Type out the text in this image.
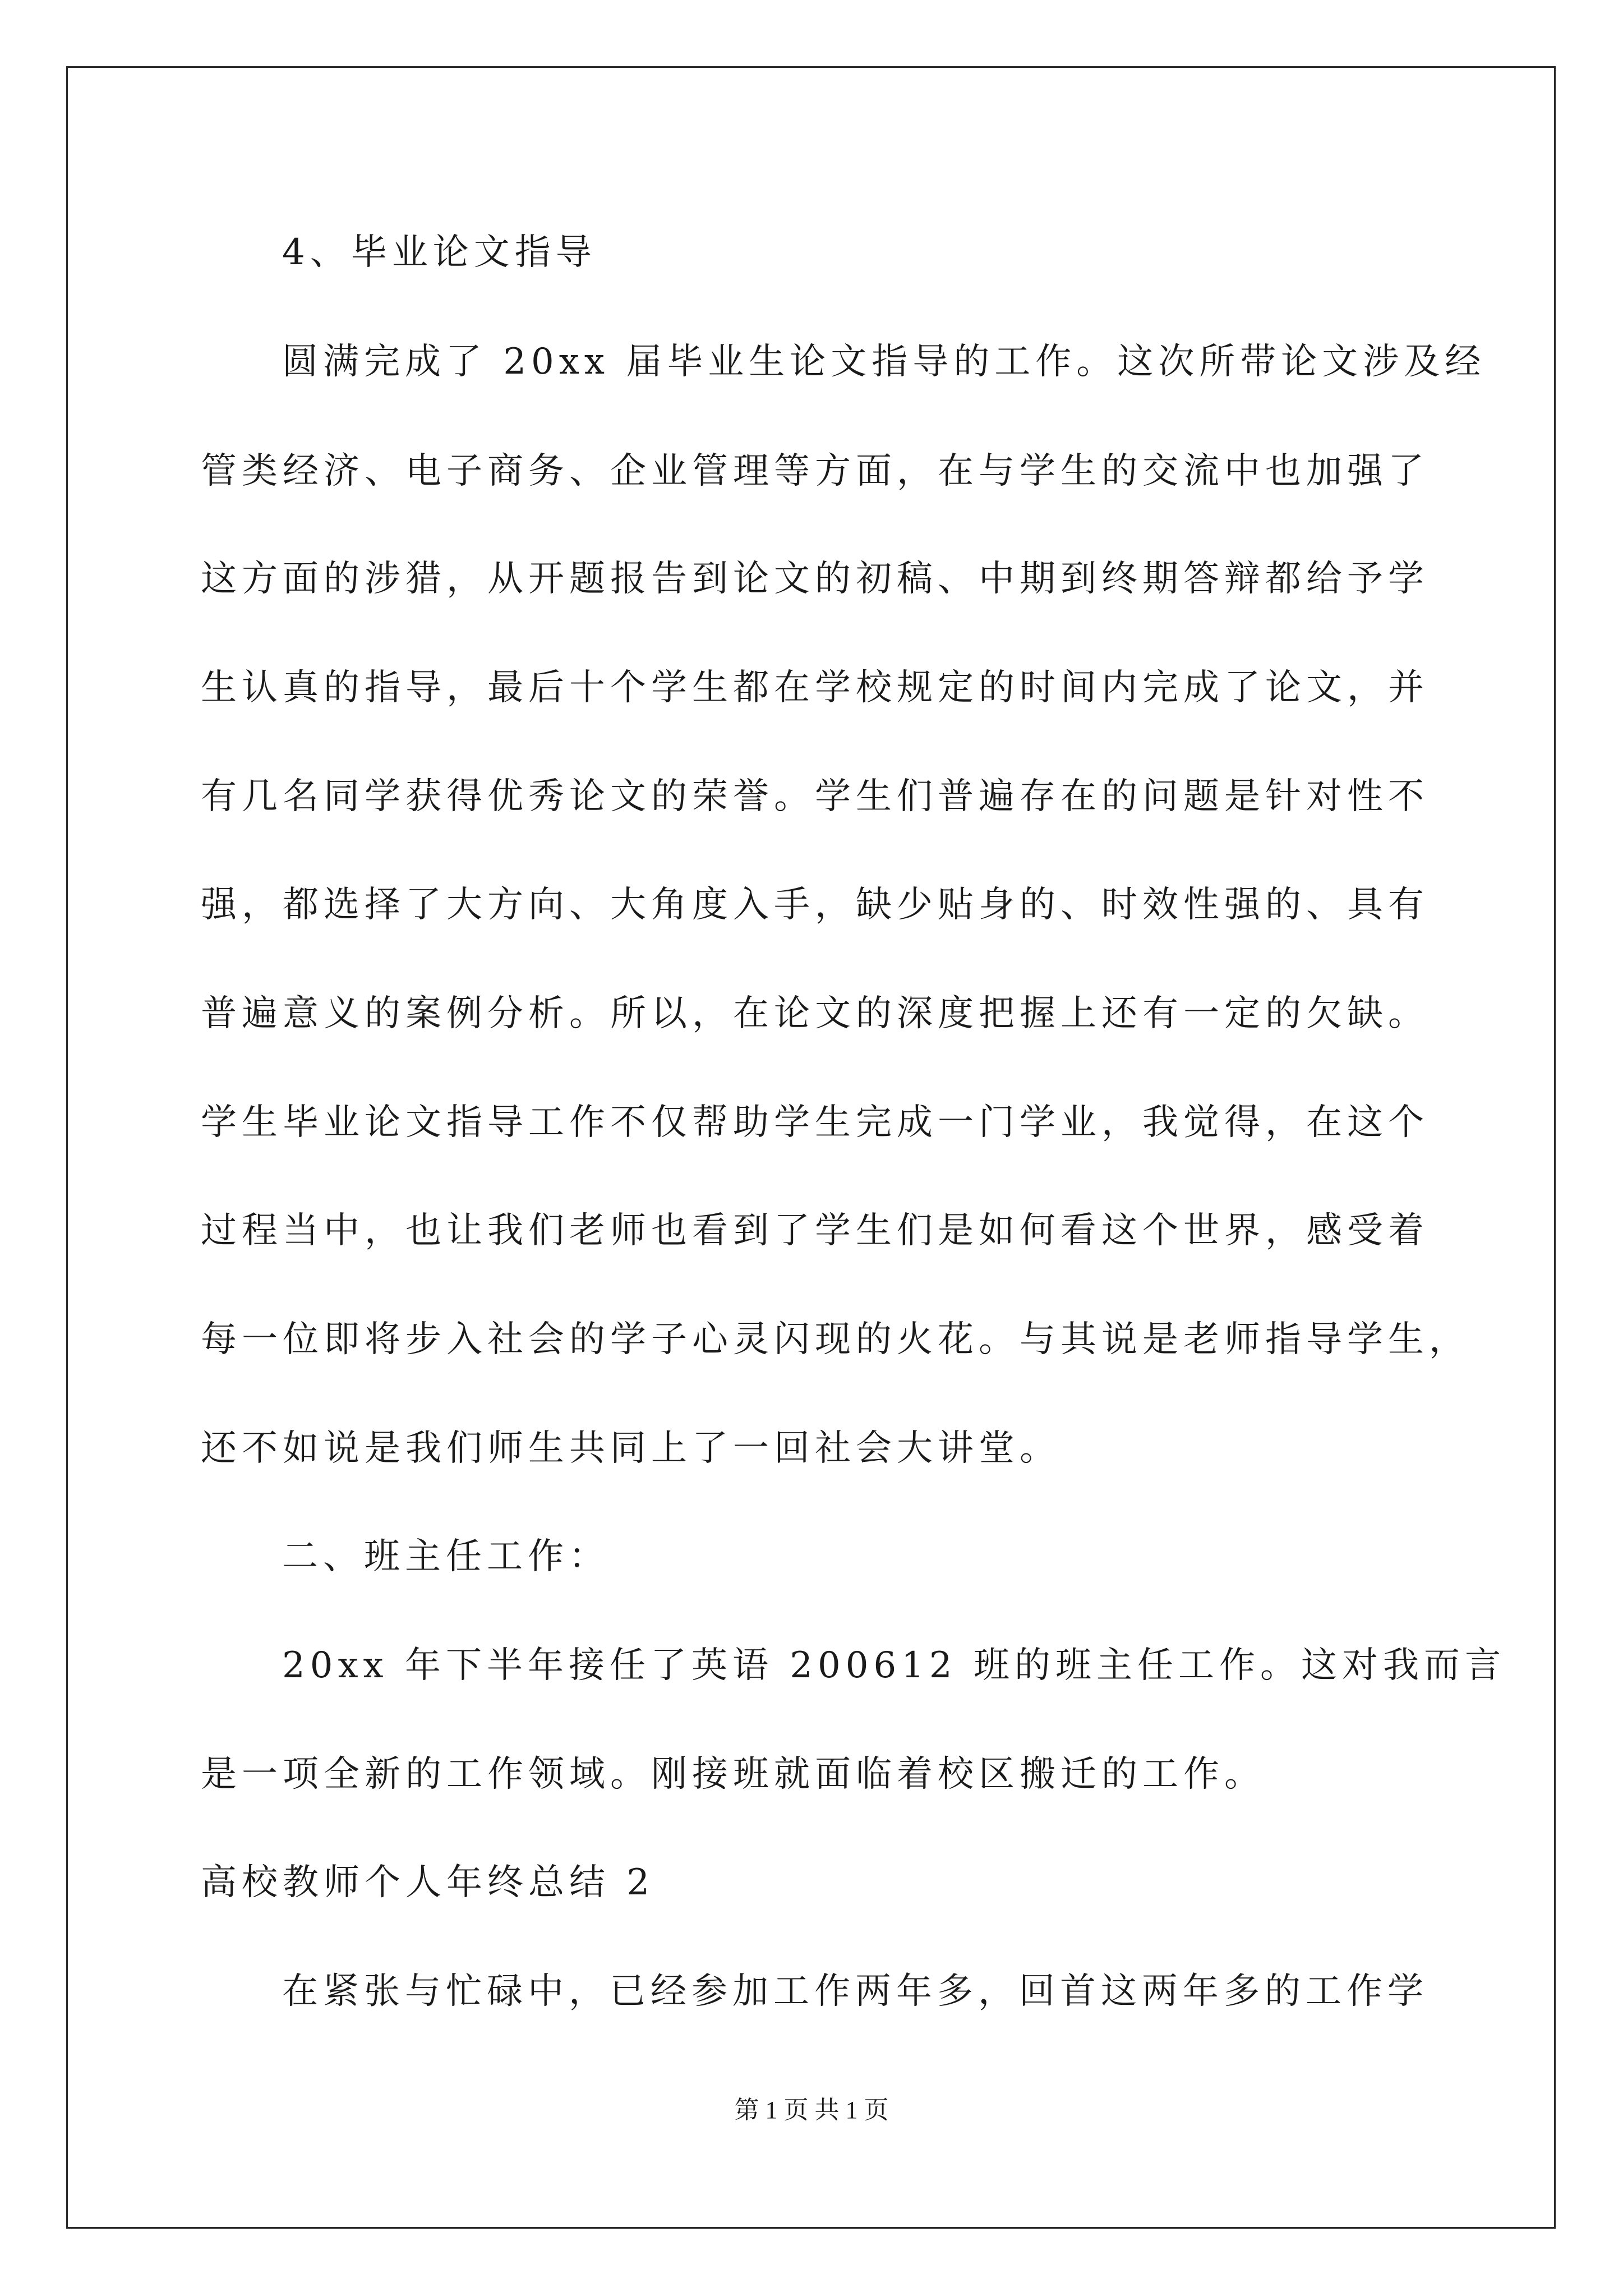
4、毕业论文指导
圆满完成了 20xx 届毕业生论文指导的工作。这次所带论文涉及经
管类经济、电子商务、企业管理等方面，在与学生的交流中也加强了
这方面的涉猎，从开题报告到论文的初稿、中期到终期答辩都给予学
生认真的指导，最后十个学生都在学校规定的时间内完成了论文，并
有几名同学获得优秀论文的荣誉。学生们普遍存在的问题是针对性不
强，都选择了大方向、大角度入手，缺少贴身的、时效性强的、具有
普遍意义的案例分析。所以，在论文的深度把握上还有一定的欠缺。
学生毕业论文指导工作不仅帮助学生完成一门学业，我觉得，在这个
过程当中，也让我们老师也看到了学生们是如何看这个世界，感受着
每一位即将步入社会的学子心灵闪现的火花。与其说是老师指导学生，
还不如说是我们师生共同上了一回社会大讲堂。
二、班主任工作：
20xx 年下半年接任了英语 200612 班的班主任工作。这对我而言
是一项全新的工作领域。刚接班就面临着校区搬迁的工作。
高校教师个人年终总结 2
在紧张与忙碌中，已经参加工作两年多，回首这两年多的工作学
第 1 页 共 1 页
